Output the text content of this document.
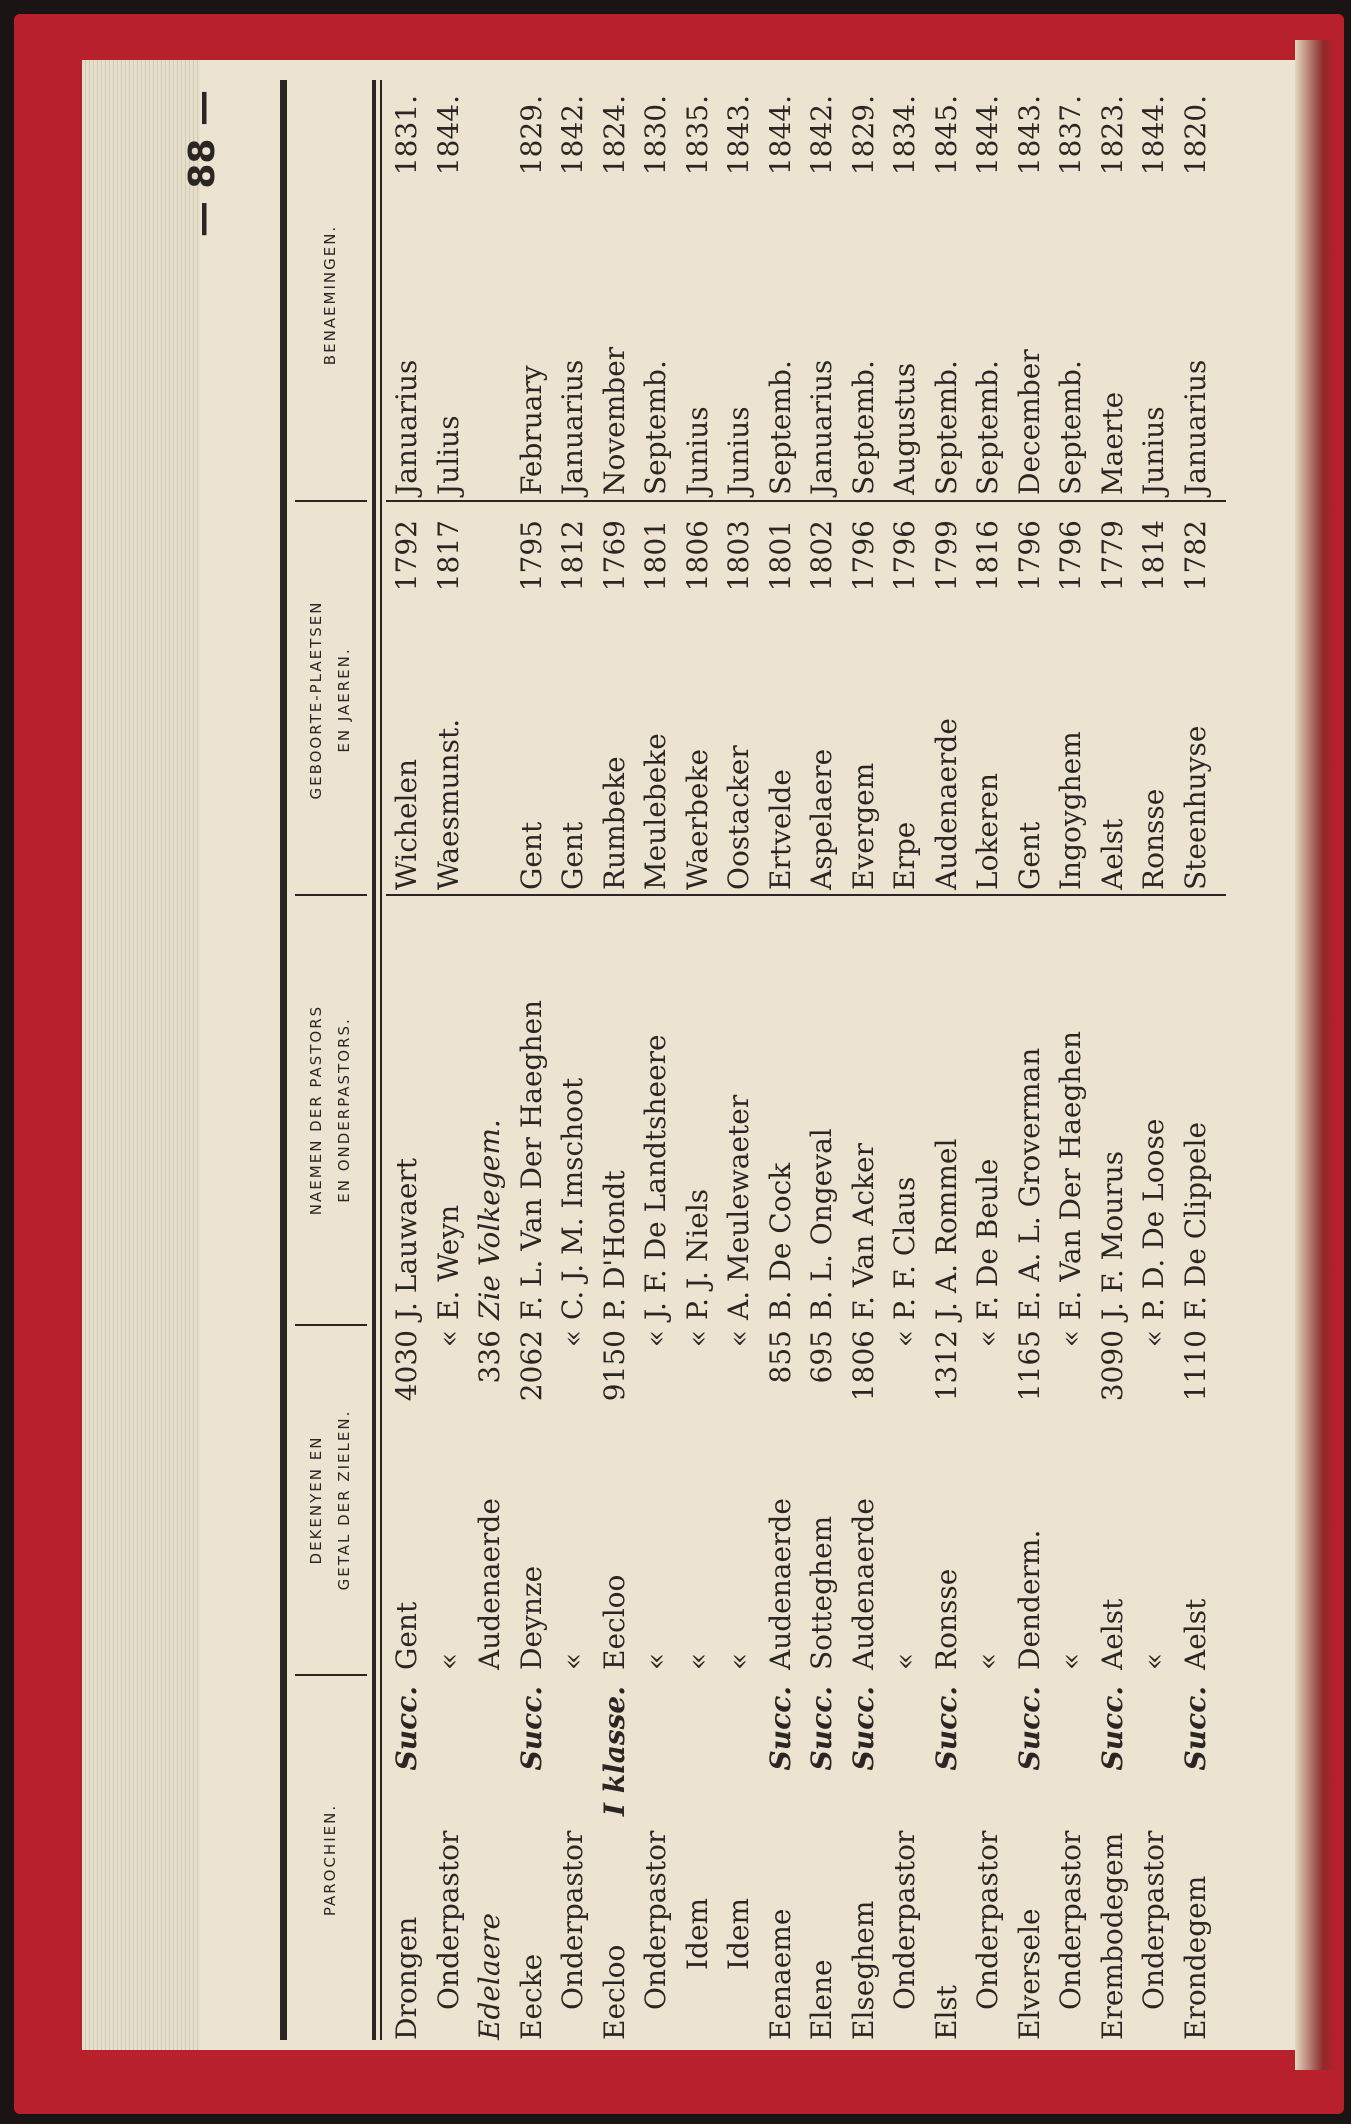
— 88 —
PAROCHIEN.
DEKENYEN EN GETAL DER ZIELEN.
NAEMEN DER PASTORS EN ONDERPASTORS.
GEBOORTE-PLAETSEN EN JAEREN.
BENAEMINGEN.
Drongen
Succ.
Gent
4030
J. Lauwaert
Wichelen
1792
Januarius
1831.
Onderpastor
«
«
E. Weyn
Waesmunst.
1817
Julius
1844.
Edelaere
Audenaerde
336
Zie Volkegem.
Eecke
Succ.
Deynze
2062
F. L. Van Der Haeghen
Gent
1795
February
1829.
Onderpastor
«
«
C. J. M. Imschoot
Gent
1812
Januarius
1842.
Eecloo
I klasse.
Eecloo
9150
P. D'Hondt
Rumbeke
1769
November
1824.
Onderpastor
«
«
J. F. De Landtsheere
Meulebeke
1801
Septemb.
1830.
Idem
«
«
P. J. Niels
Waerbeke
1806
Junius
1835.
Idem
«
«
A. Meulewaeter
Oostacker
1803
Junius
1843.
Eenaeme
Succ.
Audenaerde
855
B. De Cock
Ertvelde
1801
Septemb.
1844.
Elene
Succ.
Sotteghem
695
B. L. Ongeval
Aspelaere
1802
Januarius
1842.
Elseghem
Succ.
Audenaerde
1806
F. Van Acker
Evergem
1796
Septemb.
1829.
Onderpastor
«
«
P. F. Claus
Erpe
1796
Augustus
1834.
Elst
Succ.
Ronsse
1312
J. A. Rommel
Audenaerde
1799
Septemb.
1845.
Onderpastor
«
«
F. De Beule
Lokeren
1816
Septemb.
1844.
Elversele
Succ.
Denderm.
1165
E. A. L. Groverman
Gent
1796
December
1843.
Onderpastor
«
«
E. Van Der Haeghen
Ingoyghem
1796
Septemb.
1837.
Erembodegem
Succ.
Aelst
3090
J. F. Mourus
Aelst
1779
Maerte
1823.
Onderpastor
«
«
P. D. De Loose
Ronsse
1814
Junius
1844.
Erondegem
Succ.
Aelst
1110
F. De Clippele
Steenhuyse
1782
Januarius
1820.
